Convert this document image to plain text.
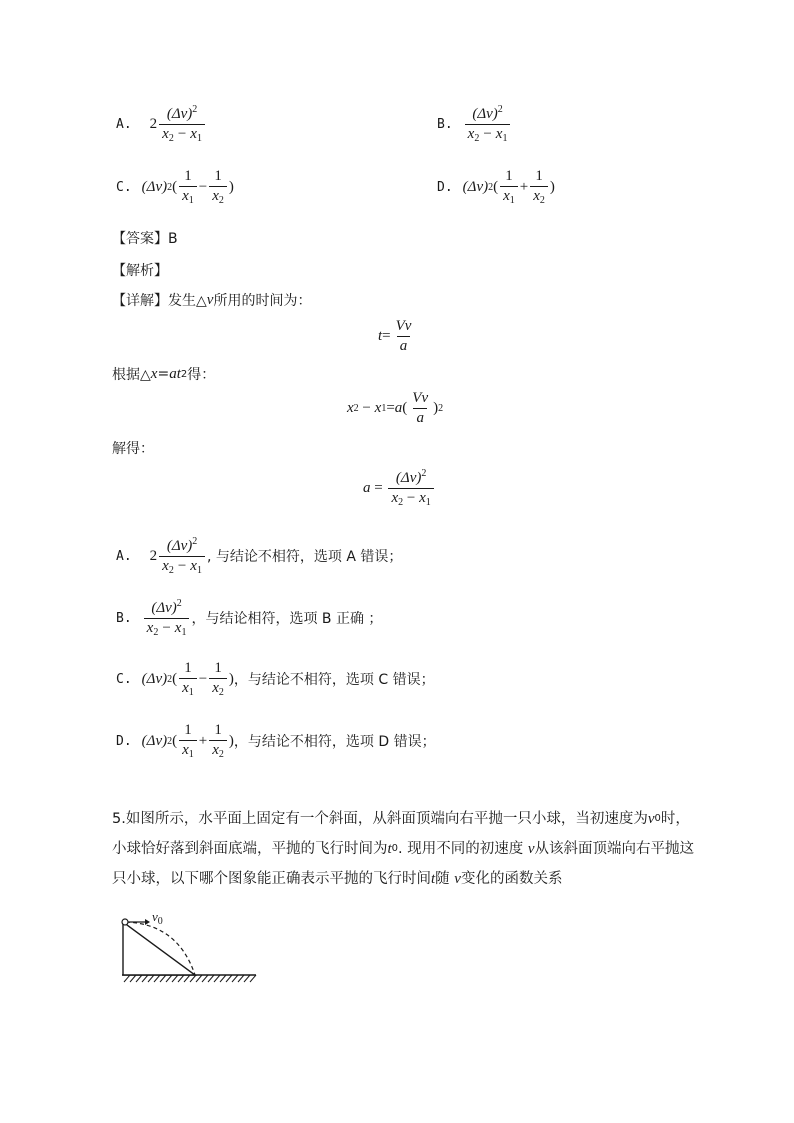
A. $2 \frac{(\Delta v)^2}{x_2 - x_1}$	B. $\frac{(\Delta v)^2}{x_2 - x_1}$
C. (Δv) 2 ( $\frac{1}{x_1} - \frac{1}{x_2}$ )	D. (Δv) 2 ( $\frac{1}{x_1} + \frac{1}{x_2}$ )
【答案】B
【解析】
【详解】发生△ v 所用的时间为：
$t = \frac{Vv}{a}$
根据△ x = a t 2 得：
x 2 − x 1 = a ( $\frac{Vv}{a}$ ) 2
解得：
$a = \frac{(\Delta v)^2}{x_2 - x_1}$
A. $2 \frac{(\Delta v)^2}{x_2 - x_1}$ , 与结论不相符，选项 A 错误；
B. $\frac{(\Delta v)^2}{x_2 - x_1}$ ，与结论相符，选项 B 正确 ；
C. (Δv) 2 ( $\frac{1}{x_1} - \frac{1}{x_2}$ ) ，与结论不相符，选项 C 错误；
D. (Δv) 2 ( $\frac{1}{x_1} + \frac{1}{x_2}$ ) ，与结论不相符，选项 D 错误；
5.如图所示，水平面上固定有一个斜面，从斜面顶端向右平抛一只小球，当初速度为 v 0 时，
小球恰好落到斜面底端，平抛的飞行时间为 t 0 . 现用不同的初速度 v 从该斜面顶端向右平抛这
只小球，以下哪个图象能正确表示平抛的飞行时间 t 随 v 变化的函数关系
$v_0$
